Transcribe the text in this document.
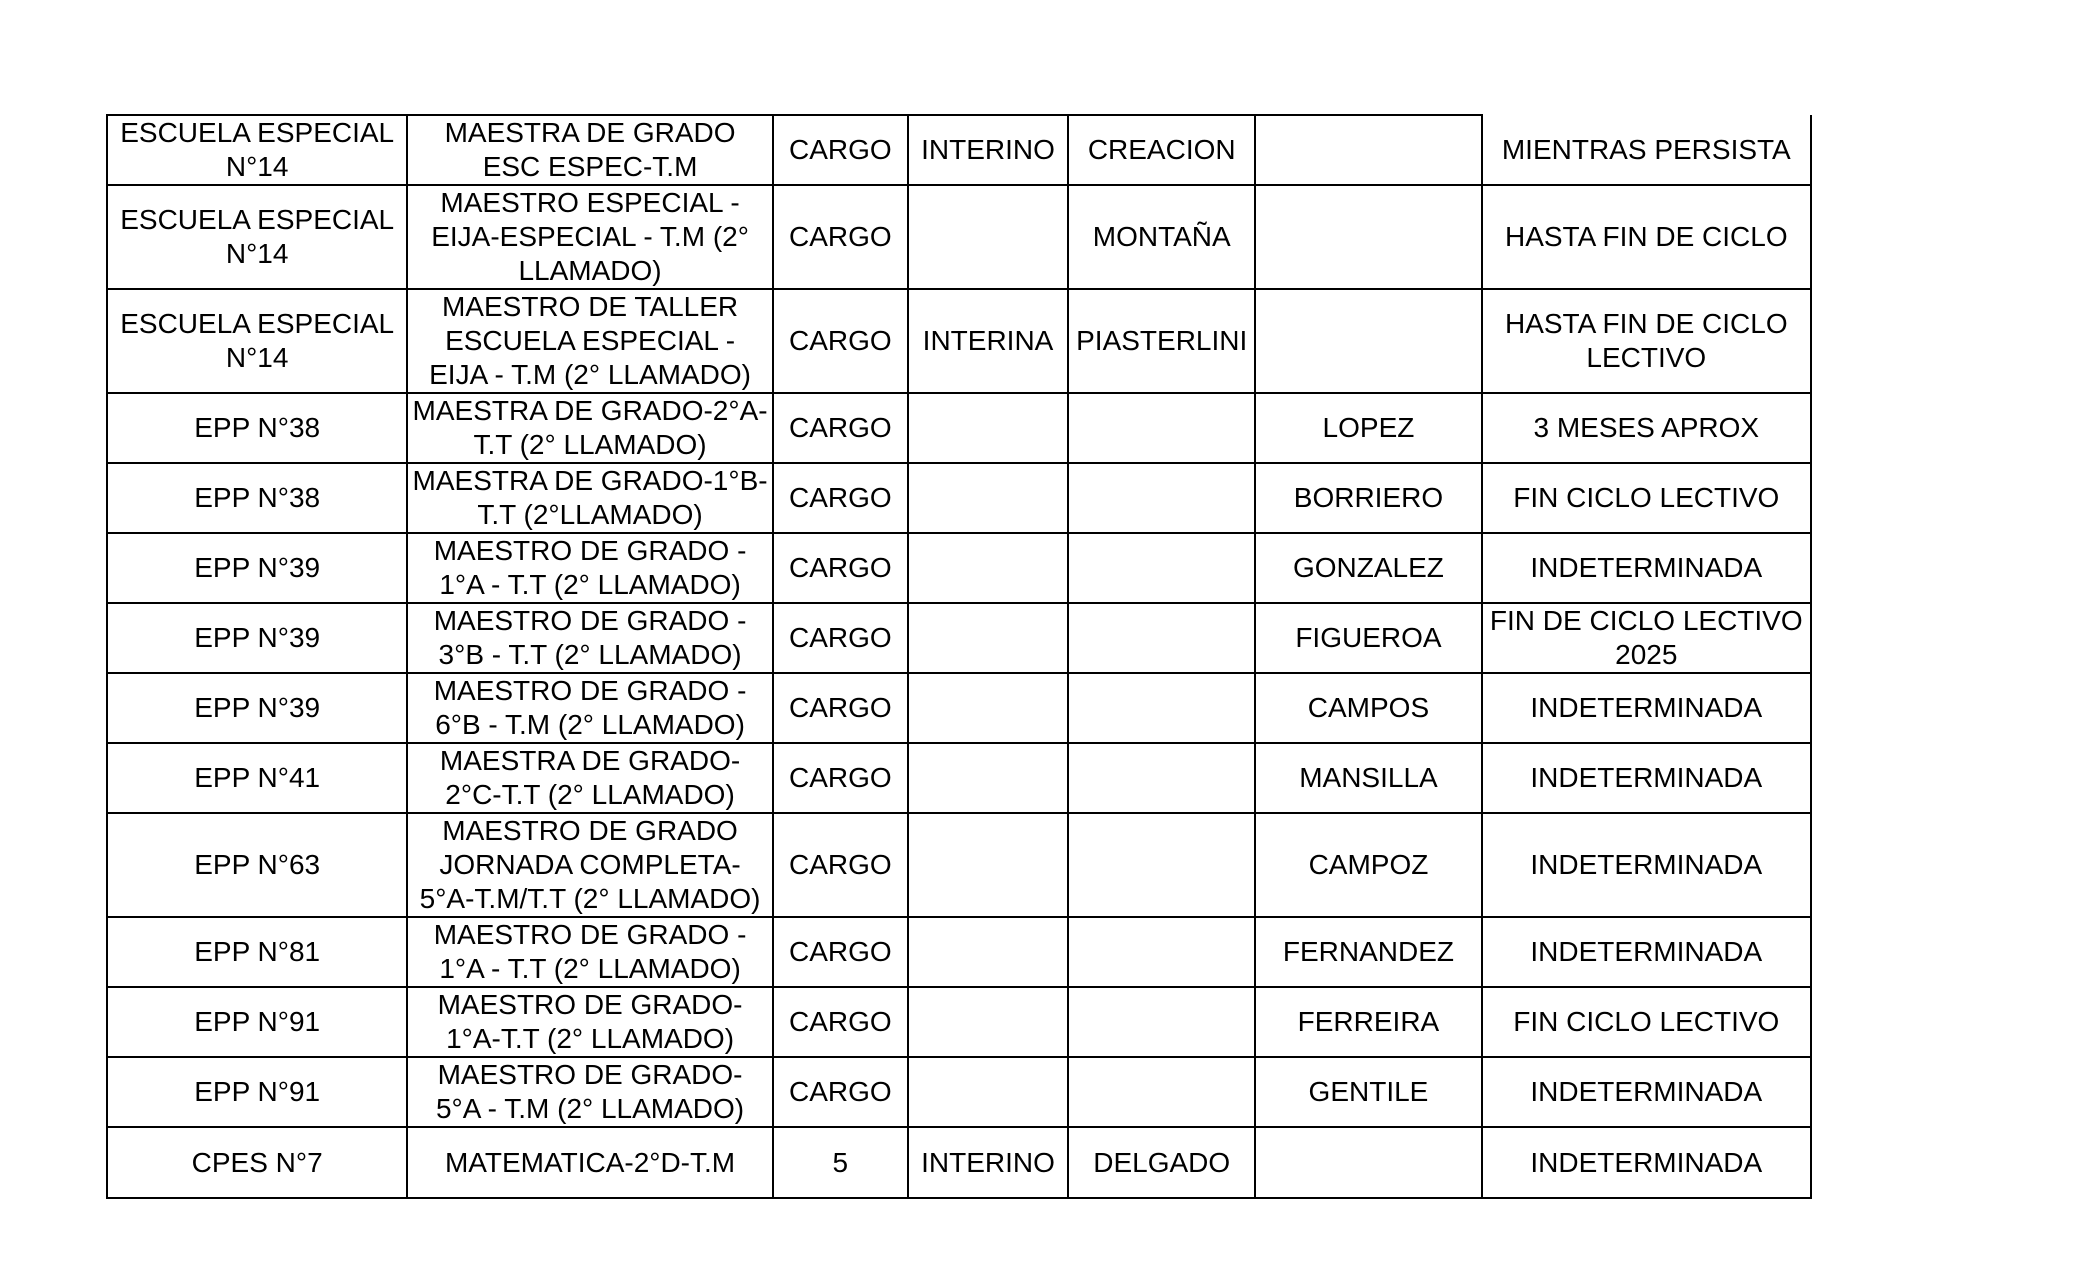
ESCUELA ESPECIAL N°14	MAESTRA DE GRADO ESC ESPEC-T.M	CARGO	INTERINO	CREACION		MIENTRAS PERSISTA
ESCUELA ESPECIAL N°14	MAESTRO ESPECIAL - EIJA-ESPECIAL - T.M (2° LLAMADO)	CARGO		MONTAÑA		HASTA FIN DE CICLO
ESCUELA ESPECIAL N°14	MAESTRO DE TALLER ESCUELA ESPECIAL - EIJA - T.M (2° LLAMADO)	CARGO	INTERINA	PIASTERLINI		HASTA FIN DE CICLO LECTIVO
EPP N°38	MAESTRA DE GRADO-2°A-T.T (2° LLAMADO)	CARGO			LOPEZ	3 MESES APROX
EPP N°38	MAESTRA DE GRADO-1°B-T.T (2°LLAMADO)	CARGO			BORRIERO	FIN CICLO LECTIVO
EPP N°39	MAESTRO DE GRADO - 1°A - T.T (2° LLAMADO)	CARGO			GONZALEZ	INDETERMINADA
EPP N°39	MAESTRO DE GRADO - 3°B - T.T (2° LLAMADO)	CARGO			FIGUEROA	FIN DE CICLO LECTIVO 2025
EPP N°39	MAESTRO DE GRADO - 6°B - T.M (2° LLAMADO)	CARGO			CAMPOS	INDETERMINADA
EPP N°41	MAESTRA DE GRADO-2°C-T.T (2° LLAMADO)	CARGO			MANSILLA	INDETERMINADA
EPP N°63	MAESTRO DE GRADO JORNADA COMPLETA-5°A-T.M/T.T (2° LLAMADO)	CARGO			CAMPOZ	INDETERMINADA
EPP N°81	MAESTRO DE GRADO - 1°A - T.T (2° LLAMADO)	CARGO			FERNANDEZ	INDETERMINADA
EPP N°91	MAESTRO DE GRADO-1°A-T.T (2° LLAMADO)	CARGO			FERREIRA	FIN CICLO LECTIVO
EPP N°91	MAESTRO DE GRADO- 5°A - T.M (2° LLAMADO)	CARGO			GENTILE	INDETERMINADA
CPES N°7	MATEMATICA-2°D-T.M	5	INTERINO	DELGADO		INDETERMINADA
